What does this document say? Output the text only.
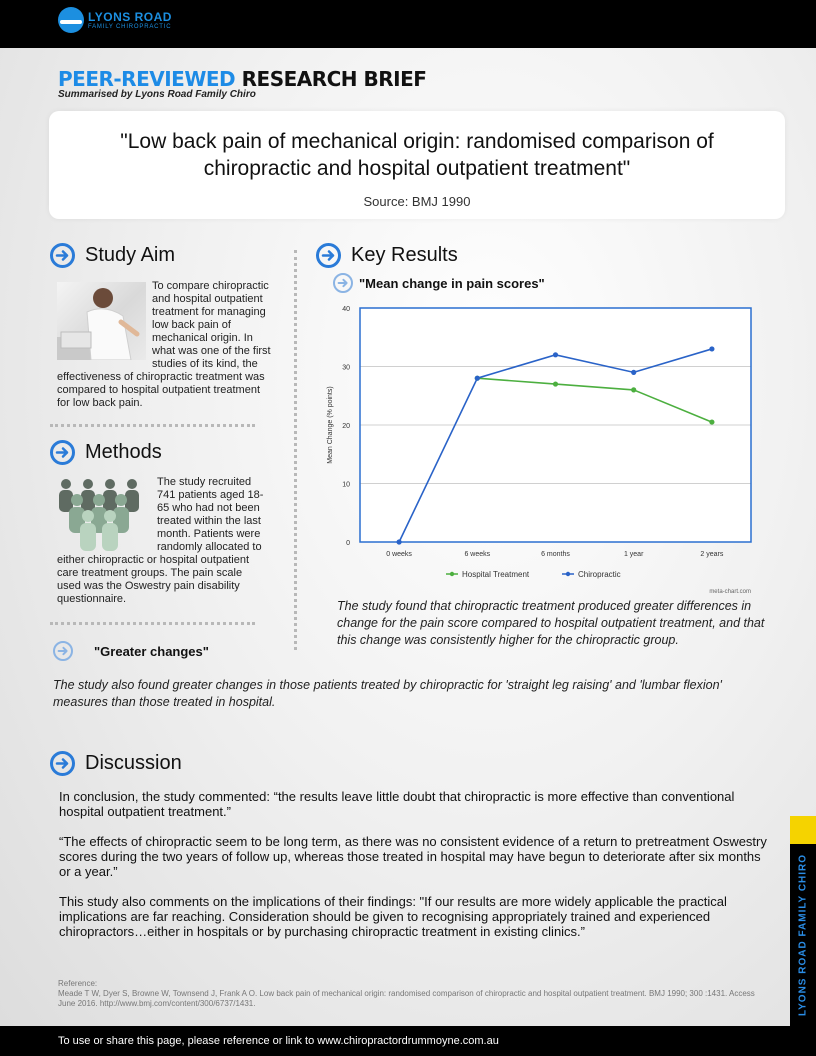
LYONS ROAD
FAMILY CHIROPRACTIC
PEER-REVIEWED RESEARCH BRIEF
Summarised by Lyons Road Family Chiro
"Low back pain of mechanical origin: randomised comparison of
chiropractic and hospital outpatient treatment"
Source: BMJ 1990
Study Aim
To compare chiropractic and hospital outpatient treatment for managing low back pain of mechanical origin. In what was one of the first studies of its kind, the effectiveness of chiropractic treatment was compared to hospital outpatient treatment for low back pain.
Methods
The study recruited 741 patients aged 18-65 who had not been treated within the last month. Patients were randomly allocated to either chiropractic or hospital outpatient care treatment groups. The pain scale used was the Oswestry pain disability questionnaire.
"Greater changes"
The study also found greater changes in those patients treated by chiropractic for 'straight leg raising' and 'lumbar flexion' measures than those treated in hospital.
Key Results
"Mean change in pain scores"
0
10
20
30
40
0 weeks	6 weeks	6 months	1 year	2 years
Mean Change (% points)
Hospital Treatment	Chiropractic
meta-chart.com
The study found that chiropractic treatment produced greater differences in change for the pain score compared to hospital outpatient treatment, and that this change was consistently higher for the chiropractic group.
Discussion
In conclusion, the study commented: “the results leave little doubt that chiropractic is more effective than conventional hospital outpatient treatment.”
“The effects of chiropractic seem to be long term, as there was no consistent evidence of a return to pretreatment Oswestry scores during the two years of follow up, whereas those treated in hospital may have begun to deteriorate after six months or a year.”
This study also comments on the implications of their findings: "If our results are more widely applicable the practical implications are far reaching. Consideration should be given to recognising appropriately trained and experienced chiropractors…either in hospitals or by purchasing chiropractic treatment in existing clinics.”
Reference:
Meade T W, Dyer S, Browne W, Townsend J, Frank A O. Low back pain of mechanical origin: randomised comparison of chiropractic and hospital outpatient treatment. BMJ 1990; 300 :1431. Access June 2016. http://www.bmj.com/content/300/6737/1431.	LYONS ROAD FAMILY CHIRO
To use or share this page, please reference or link to www.chiropractordrummoyne.com.au
